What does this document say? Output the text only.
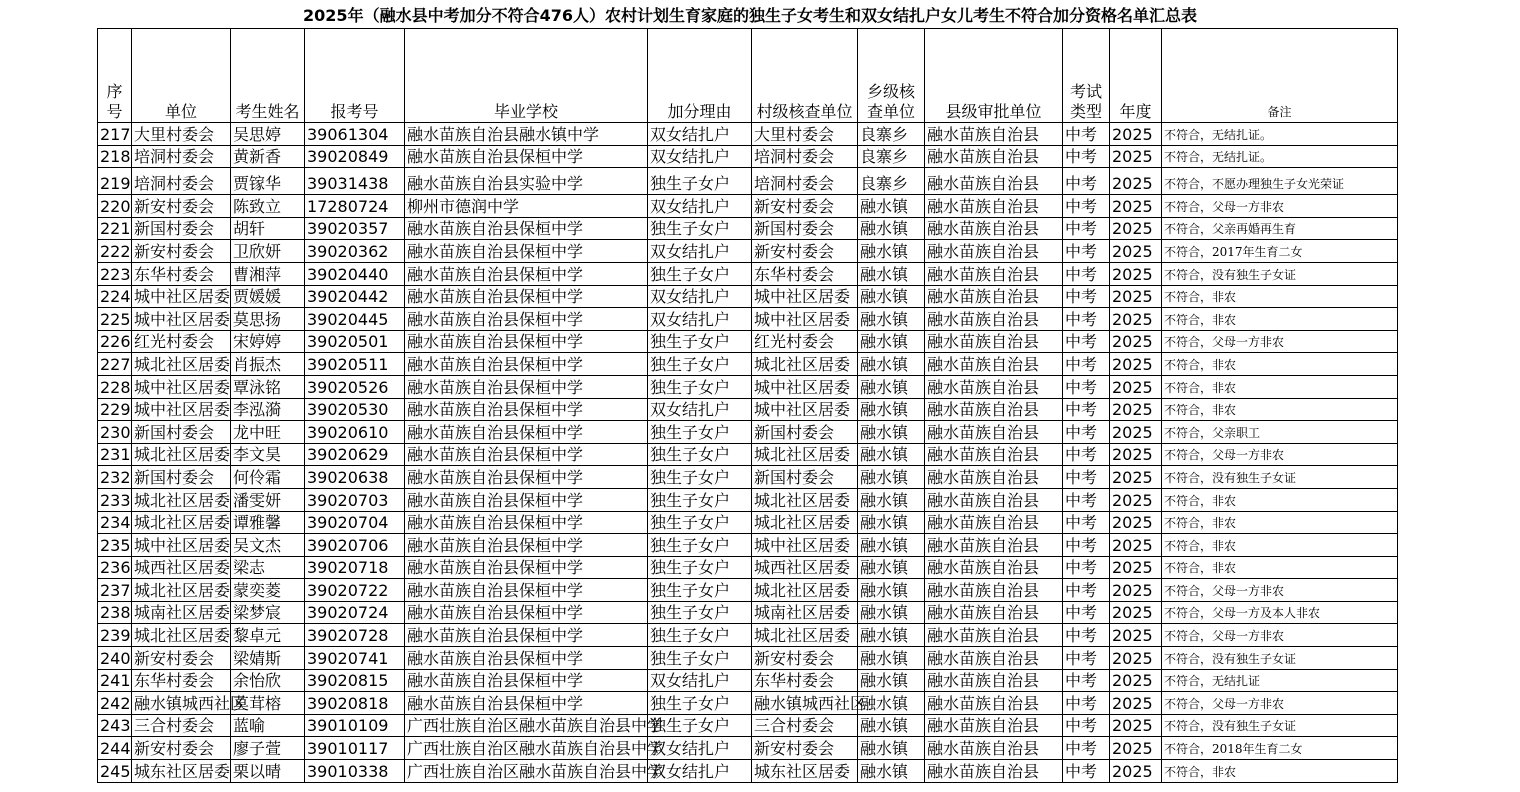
2025年（融水县中考加分不符合476人）农村计划生育家庭的独生子女考生和双女结扎户女儿考生不符合加分资格名单汇总表
序号	单位	考生姓名	报考号	毕业学校	加分理由	村级核查单位	乡级核查单位	县级审批单位	考试类型	年度	备注
217	大里村委会	吴思婷	39061304	融水苗族自治县融水镇中学	双女结扎户	大里村委会	良寨乡	融水苗族自治县	中考	2025	不符合，无结扎证。
218	培洞村委会	黄新香	39020849	融水苗族自治县保桓中学	双女结扎户	培洞村委会	良寨乡	融水苗族自治县	中考	2025	不符合，无结扎证。
219	培洞村委会	贾镓华	39031438	融水苗族自治县实验中学	独生子女户	培洞村委会	良寨乡	融水苗族自治县	中考	2025	不符合，不愿办理独生子女光荣证
220	新安村委会	陈致立	17280724	柳州市德润中学	双女结扎户	新安村委会	融水镇	融水苗族自治县	中考	2025	不符合，父母一方非农
221	新国村委会	胡轩	39020357	融水苗族自治县保桓中学	独生子女户	新国村委会	融水镇	融水苗族自治县	中考	2025	不符合，父亲再婚再生育
222	新安村委会	卫欣妍	39020362	融水苗族自治县保桓中学	双女结扎户	新安村委会	融水镇	融水苗族自治县	中考	2025	不符合，2017年生育二女
223	东华村委会	曹湘萍	39020440	融水苗族自治县保桓中学	独生子女户	东华村委会	融水镇	融水苗族自治县	中考	2025	不符合，没有独生子女证
224	城中社区居委	贾媛媛	39020442	融水苗族自治县保桓中学	双女结扎户	城中社区居委	融水镇	融水苗族自治县	中考	2025	不符合，非农
225	城中社区居委	莫思扬	39020445	融水苗族自治县保桓中学	双女结扎户	城中社区居委	融水镇	融水苗族自治县	中考	2025	不符合，非农
226	红光村委会	宋婷婷	39020501	融水苗族自治县保桓中学	独生子女户	红光村委会	融水镇	融水苗族自治县	中考	2025	不符合，父母一方非农
227	城北社区居委	肖振杰	39020511	融水苗族自治县保桓中学	独生子女户	城北社区居委	融水镇	融水苗族自治县	中考	2025	不符合，非农
228	城中社区居委	覃泳铭	39020526	融水苗族自治县保桓中学	独生子女户	城中社区居委	融水镇	融水苗族自治县	中考	2025	不符合，非农
229	城中社区居委	李泓漪	39020530	融水苗族自治县保桓中学	双女结扎户	城中社区居委	融水镇	融水苗族自治县	中考	2025	不符合，非农
230	新国村委会	龙中旺	39020610	融水苗族自治县保桓中学	独生子女户	新国村委会	融水镇	融水苗族自治县	中考	2025	不符合，父亲职工
231	城北社区居委	李文昊	39020629	融水苗族自治县保桓中学	独生子女户	城北社区居委	融水镇	融水苗族自治县	中考	2025	不符合，父母一方非农
232	新国村委会	何伶霜	39020638	融水苗族自治县保桓中学	独生子女户	新国村委会	融水镇	融水苗族自治县	中考	2025	不符合，没有独生子女证
233	城北社区居委	潘雯妍	39020703	融水苗族自治县保桓中学	独生子女户	城北社区居委	融水镇	融水苗族自治县	中考	2025	不符合，非农
234	城北社区居委	谭雅馨	39020704	融水苗族自治县保桓中学	独生子女户	城北社区居委	融水镇	融水苗族自治县	中考	2025	不符合，非农
235	城中社区居委	吴文杰	39020706	融水苗族自治县保桓中学	独生子女户	城中社区居委	融水镇	融水苗族自治县	中考	2025	不符合，非农
236	城西社区居委	梁志	39020718	融水苗族自治县保桓中学	独生子女户	城西社区居委	融水镇	融水苗族自治县	中考	2025	不符合，非农
237	城北社区居委	蒙奕菱	39020722	融水苗族自治县保桓中学	独生子女户	城北社区居委	融水镇	融水苗族自治县	中考	2025	不符合，父母一方非农
238	城南社区居委	梁梦宸	39020724	融水苗族自治县保桓中学	独生子女户	城南社区居委	融水镇	融水苗族自治县	中考	2025	不符合，父母一方及本人非农
239	城北社区居委	黎卓元	39020728	融水苗族自治县保桓中学	独生子女户	城北社区居委	融水镇	融水苗族自治县	中考	2025	不符合，父母一方非农
240	新安村委会	梁婧斯	39020741	融水苗族自治县保桓中学	独生子女户	新安村委会	融水镇	融水苗族自治县	中考	2025	不符合，没有独生子女证
241	东华村委会	余怡欣	39020815	融水苗族自治县保桓中学	双女结扎户	东华村委会	融水镇	融水苗族自治县	中考	2025	不符合，无结扎证
242	融水镇城西社区	莫茸榕	39020818	融水苗族自治县保桓中学	独生子女户	融水镇城西社区	融水镇	融水苗族自治县	中考	2025	不符合，父母一方非农
243	三合村委会	蓝喻	39010109	广西壮族自治区融水苗族自治县中学	独生子女户	三合村委会	融水镇	融水苗族自治县	中考	2025	不符合，没有独生子女证
244	新安村委会	廖子萱	39010117	广西壮族自治区融水苗族自治县中学	双女结扎户	新安村委会	融水镇	融水苗族自治县	中考	2025	不符合，2018年生育二女
245	城东社区居委	栗以晴	39010338	广西壮族自治区融水苗族自治县中学	双女结扎户	城东社区居委	融水镇	融水苗族自治县	中考	2025	不符合，非农
